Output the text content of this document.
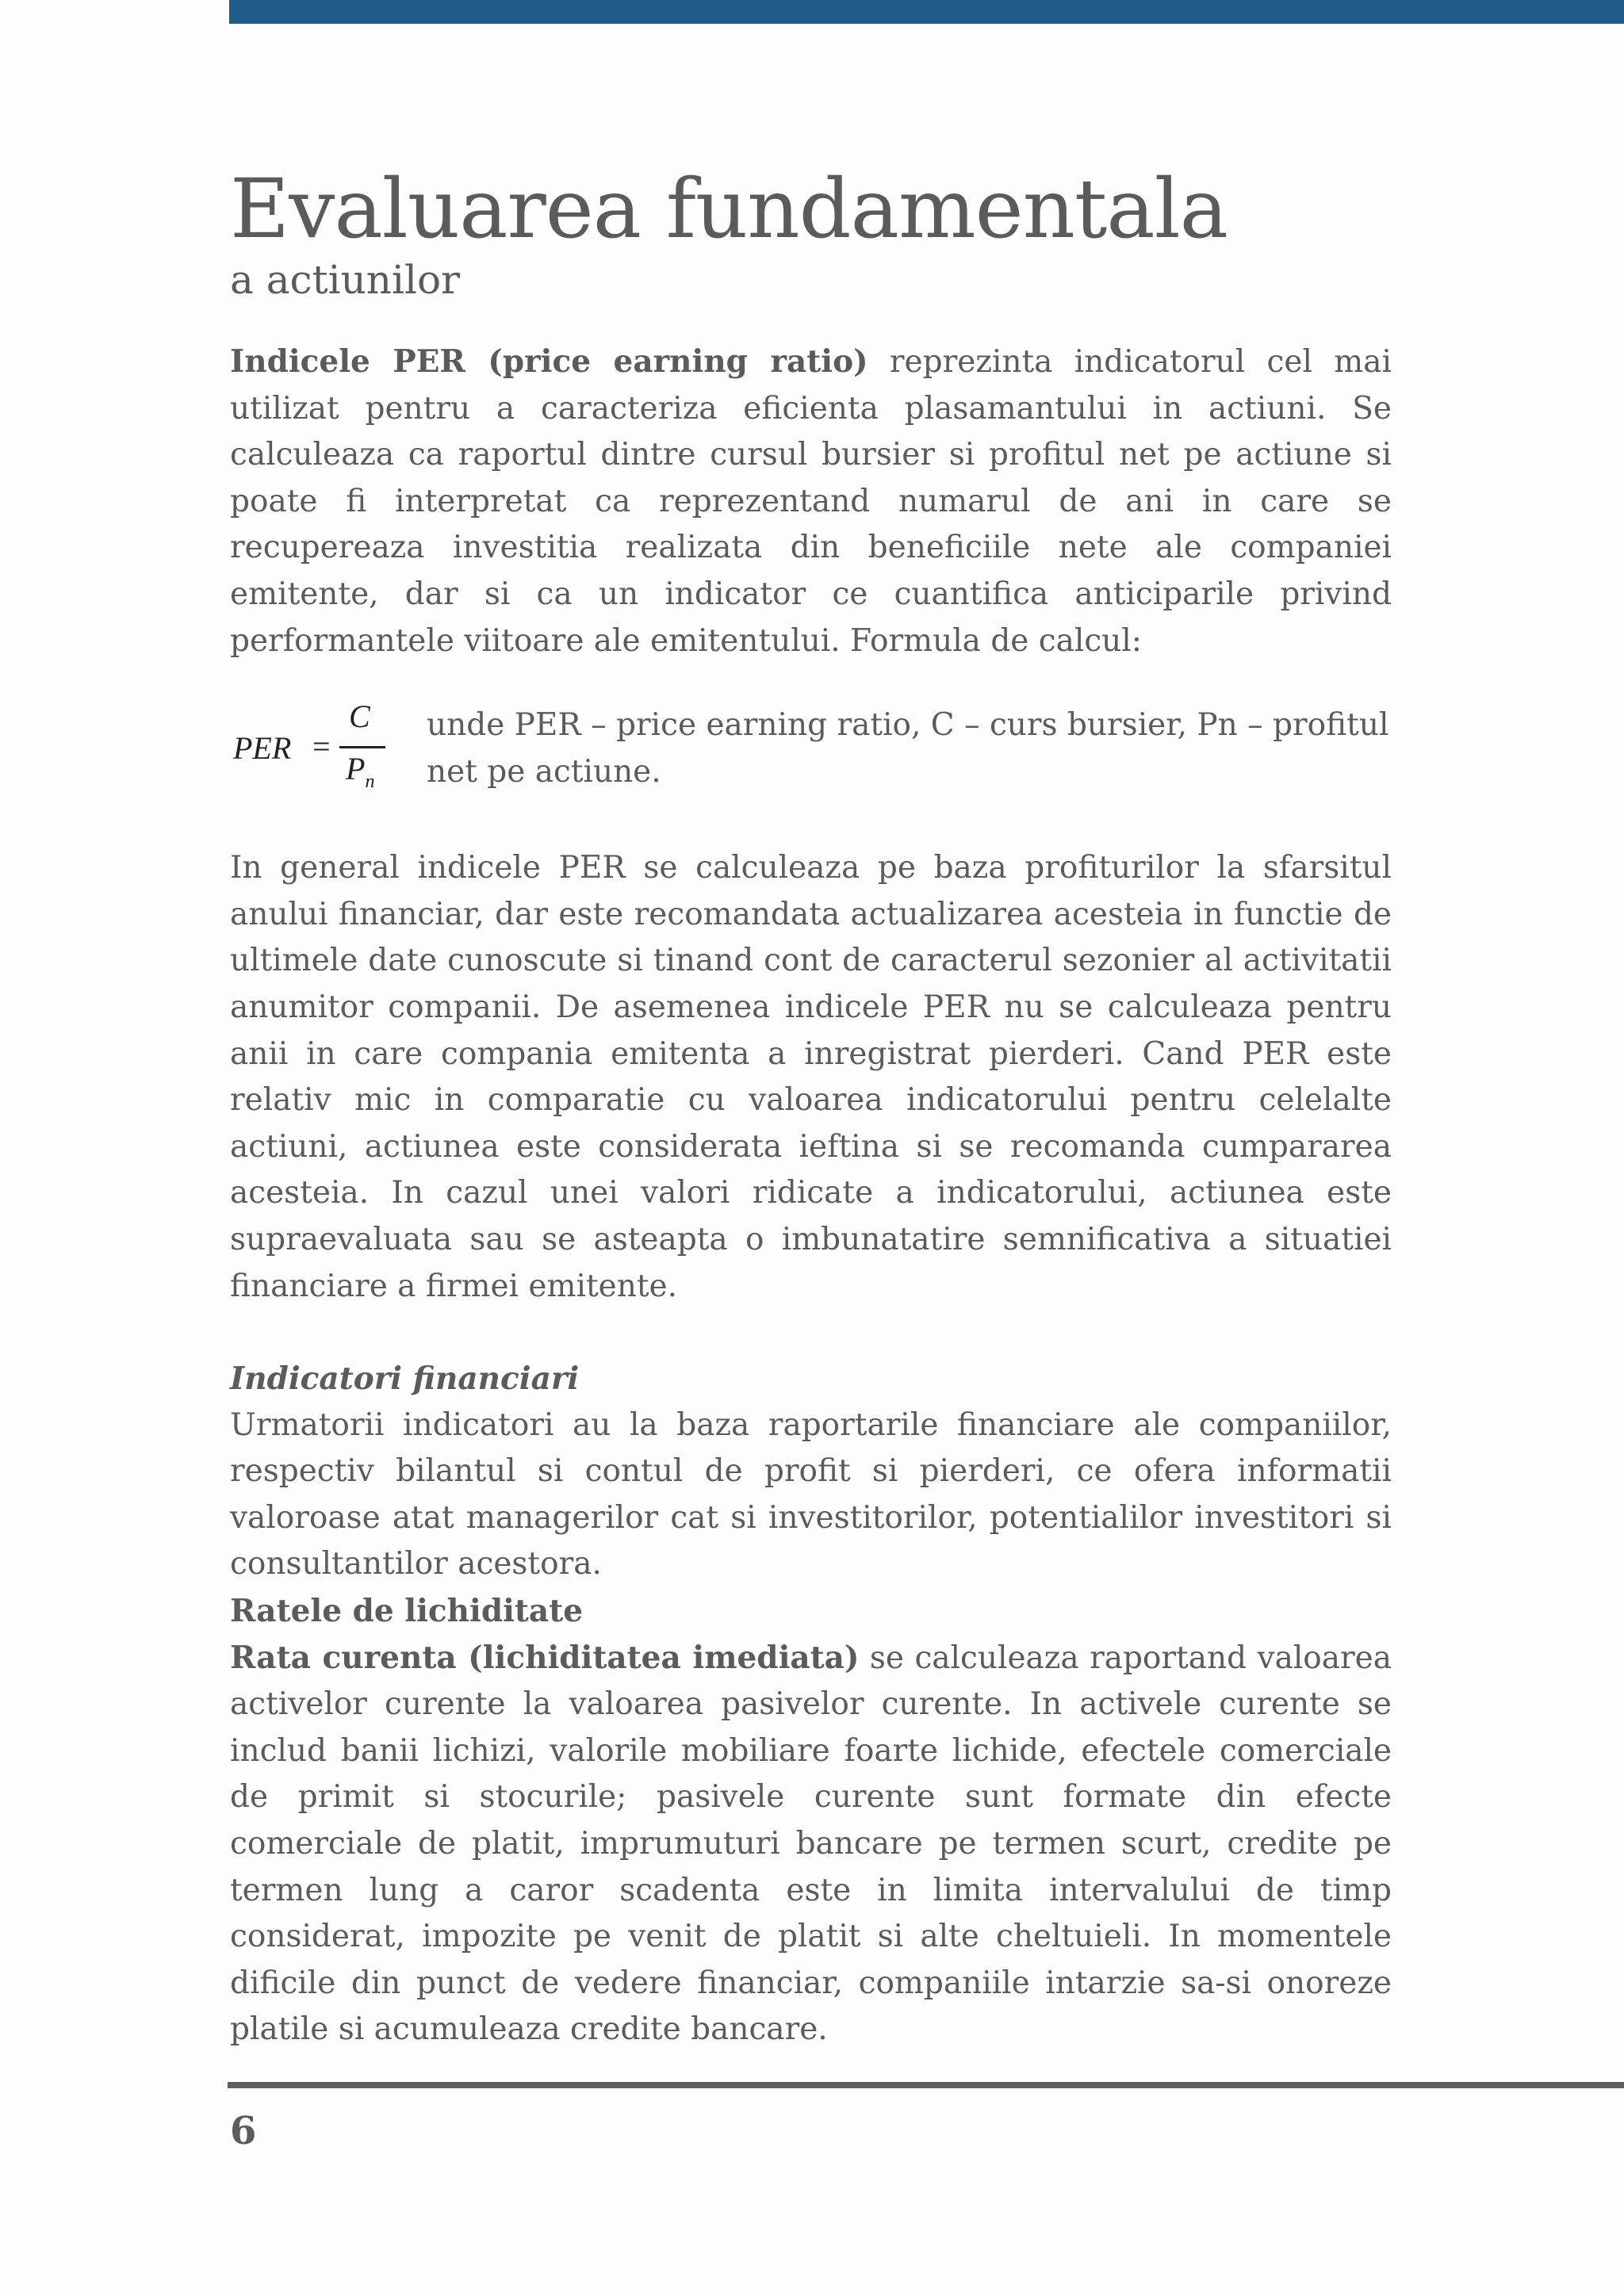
Evaluarea fundamentala
a actiunilor

Indicele PER (price earning ratio) reprezinta indicatorul cel mai utilizat pentru a caracteriza eficienta plasamantului in actiuni. Se calculeaza ca raportul dintre cursul bursier si profitul net pe actiune si poate fi interpretat ca reprezentand numarul de ani in care se recupereaza investitia realizata din beneficiile nete ale companiei emitente, dar si ca un indicator ce cuantifica anticiparile privind performantele viitoare ale emitentului. Formula de calcul:

PER =
C
$P_n$

unde PER – price earning ratio, C – curs bursier, Pn – profitul net pe actiune.

In general indicele PER se calculeaza pe baza profiturilor la sfarsitul anului financiar, dar este recomandata actualizarea acesteia in functie de ultimele date cunoscute si tinand cont de caracterul sezonier al activitatii anumitor companii. De asemenea indicele PER nu se calculeaza pentru anii in care compania emitenta a inregistrat pierderi. Cand PER este relativ mic in comparatie cu valoarea indicatorului pentru celelalte actiuni, actiunea este considerata ieftina si se recomanda cumpararea acesteia. In cazul unei valori ridicate a indicatorului, actiunea este supraevaluata sau se asteapta o imbunatatire semnificativa a situatiei financiare a firmei emitente.

Indicatori financiari

Urmatorii indicatori au la baza raportarile financiare ale companiilor, respectiv bilantul si contul de profit si pierderi, ce ofera informatii valoroase atat managerilor cat si investitorilor, potentialilor investitori si consultantilor acestora.

Ratele de lichiditate

Rata curenta (lichiditatea imediata) se calculeaza raportand valoarea activelor curente la valoarea pasivelor curente. In activele curente se includ banii lichizi, valorile mobiliare foarte lichide, efectele comerciale de primit si stocurile; pasivele curente sunt formate din efecte comerciale de platit, imprumuturi bancare pe termen scurt, credite pe termen lung a caror scadenta este in limita intervalului de timp considerat, impozite pe venit de platit si alte cheltuieli. In momentele dificile din punct de vedere financiar, companiile intarzie sa-si onoreze platile si acumuleaza credite bancare.

6
